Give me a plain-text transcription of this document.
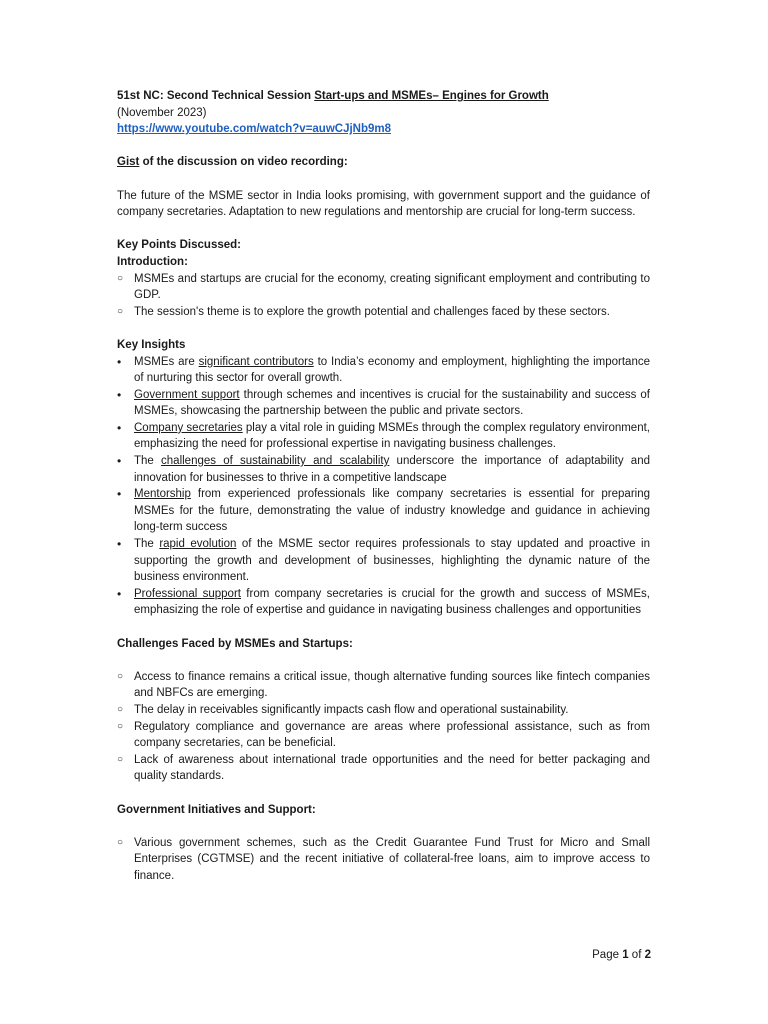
51st NC: Second Technical Session Start-ups and MSMEs– Engines for Growth
(November 2023)
https://www.youtube.com/watch?v=auwCJjNb9m8
Gist of the discussion on video recording:
The future of the MSME sector in India looks promising, with government support and the guidance of company secretaries. Adaptation to new regulations and mentorship are crucial for long-term success.
Key Points Discussed:
Introduction:
○ MSMEs and startups are crucial for the economy, creating significant employment and contributing to GDP.
○ The session's theme is to explore the growth potential and challenges faced by these sectors.
Key Insights
•	MSMEs are significant contributors to India’s economy and employment, highlighting the importance of nurturing this sector for overall growth.
•	Government support through schemes and incentives is crucial for the sustainability and success of MSMEs, showcasing the partnership between the public and private sectors.
•	Company secretaries play a vital role in guiding MSMEs through the complex regulatory environment, emphasizing the need for professional expertise in navigating business challenges.
•	The challenges of sustainability and scalability underscore the importance of adaptability and innovation for businesses to thrive in a competitive landscape
•	Mentorship from experienced professionals like company secretaries is essential for preparing MSMEs for the future, demonstrating the value of industry knowledge and guidance in achieving long-term success
•	The rapid evolution of the MSME sector requires professionals to stay updated and proactive in supporting the growth and development of businesses, highlighting the dynamic nature of the business environment.
•	Professional support from company secretaries is crucial for the growth and success of MSMEs, emphasizing the role of expertise and guidance in navigating business challenges and opportunities
Challenges Faced by MSMEs and Startups:
○ Access to finance remains a critical issue, though alternative funding sources like fintech companies and NBFCs are emerging.
○ The delay in receivables significantly impacts cash flow and operational sustainability.
○ Regulatory compliance and governance are areas where professional assistance, such as from company secretaries, can be beneficial.
○ Lack of awareness about international trade opportunities and the need for better packaging and quality standards.
Government Initiatives and Support:
○ Various government schemes, such as the Credit Guarantee Fund Trust for Micro and Small Enterprises (CGTMSE) and the recent initiative of collateral-free loans, aim to improve access to finance.
Page 1 of 2
